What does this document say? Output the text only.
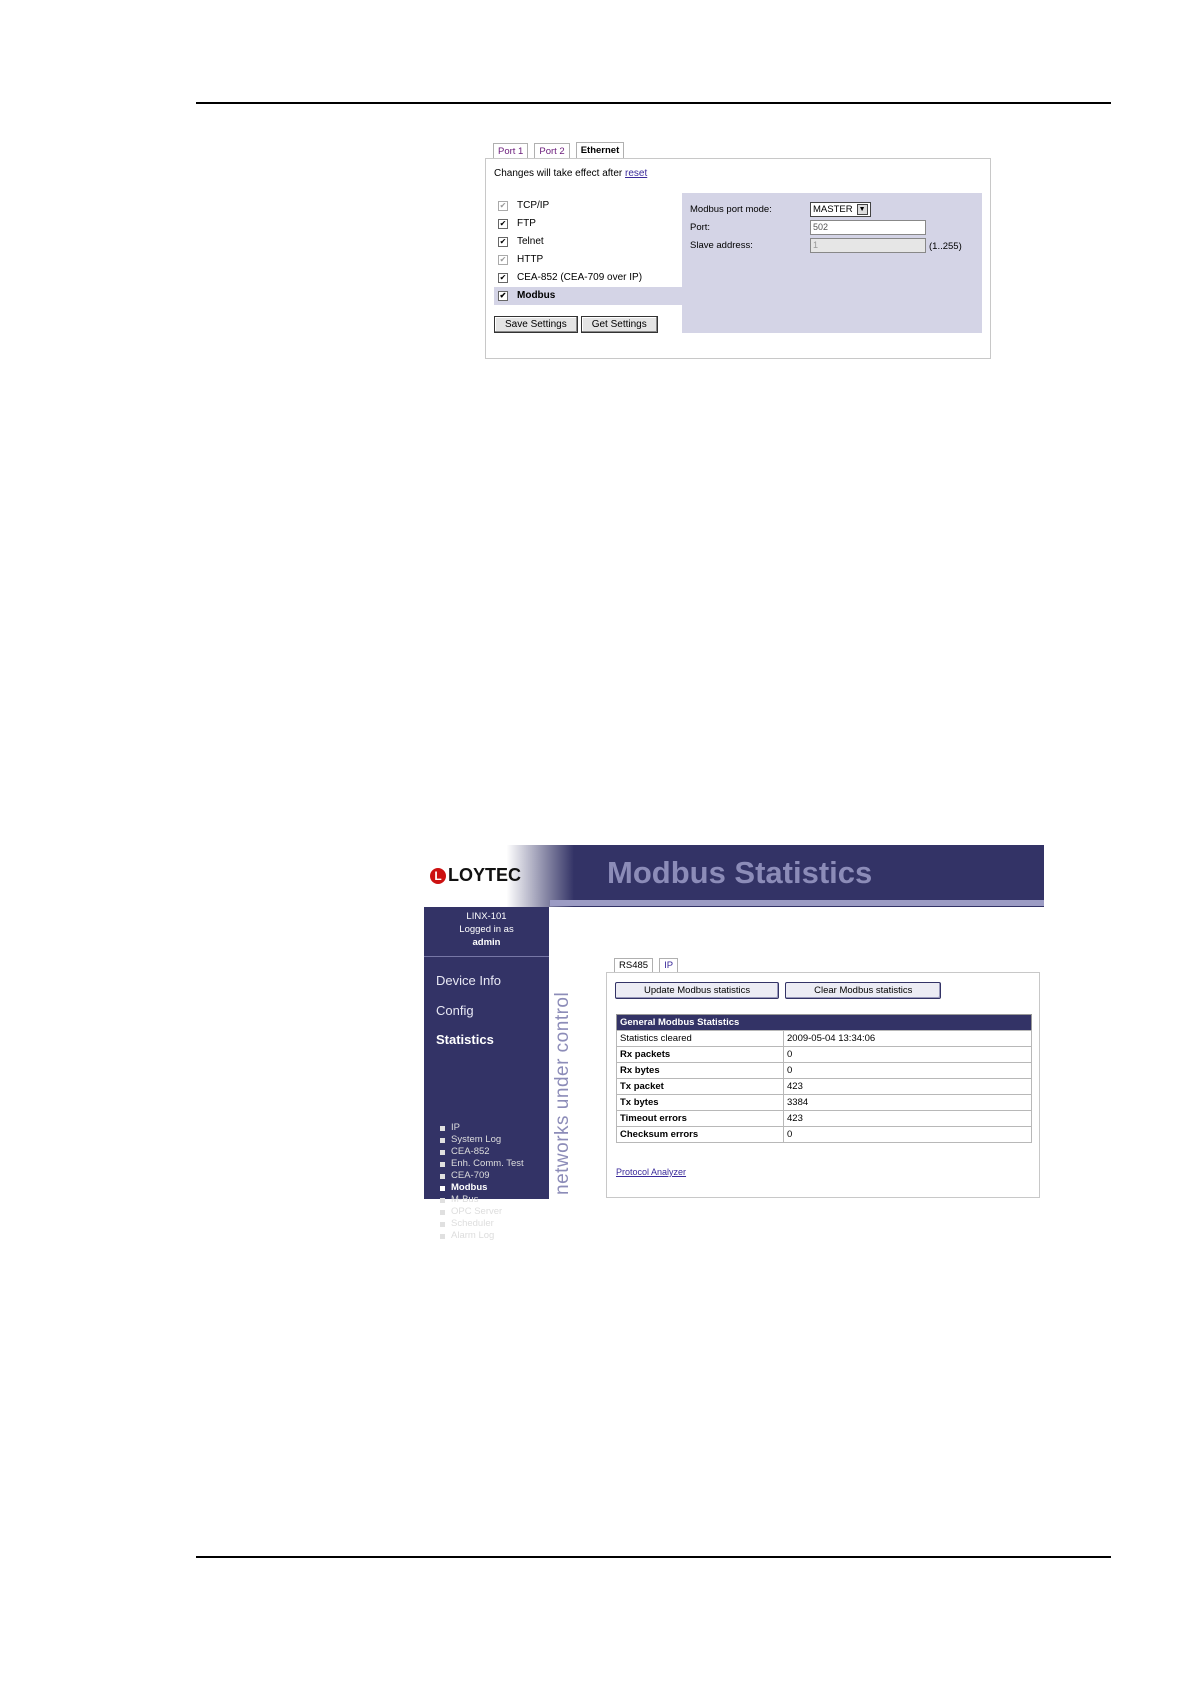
Port 1	Port 2	Ethernet
Changes will take effect after reset
✔ TCP/IP
✔ FTP
✔ Telnet
✔ HTTP
✔ CEA-852 (CEA-709 over IP)
✔ Modbus
Save Settings	Get Settings
Modbus port mode:	MASTER ▼
Port:	502
Slave address:	1	(1..255)
L LOYTEC	Modbus Statistics
LINX-101
Logged in as
admin
Device Info
Config
Statistics
IP
System Log
CEA-852
Enh. Comm. Test
CEA-709
Modbus
M-Bus
OPC Server
Scheduler
Alarm Log
networks under control
RS485	IP
Update Modbus statistics	Clear Modbus statistics
General Modbus Statistics	
Statistics cleared	2009-05-04 13:34:06
Rx packets	0
Rx bytes	0
Tx packet	423
Tx bytes	3384
Timeout errors	423
Checksum errors	0
Protocol Analyzer
